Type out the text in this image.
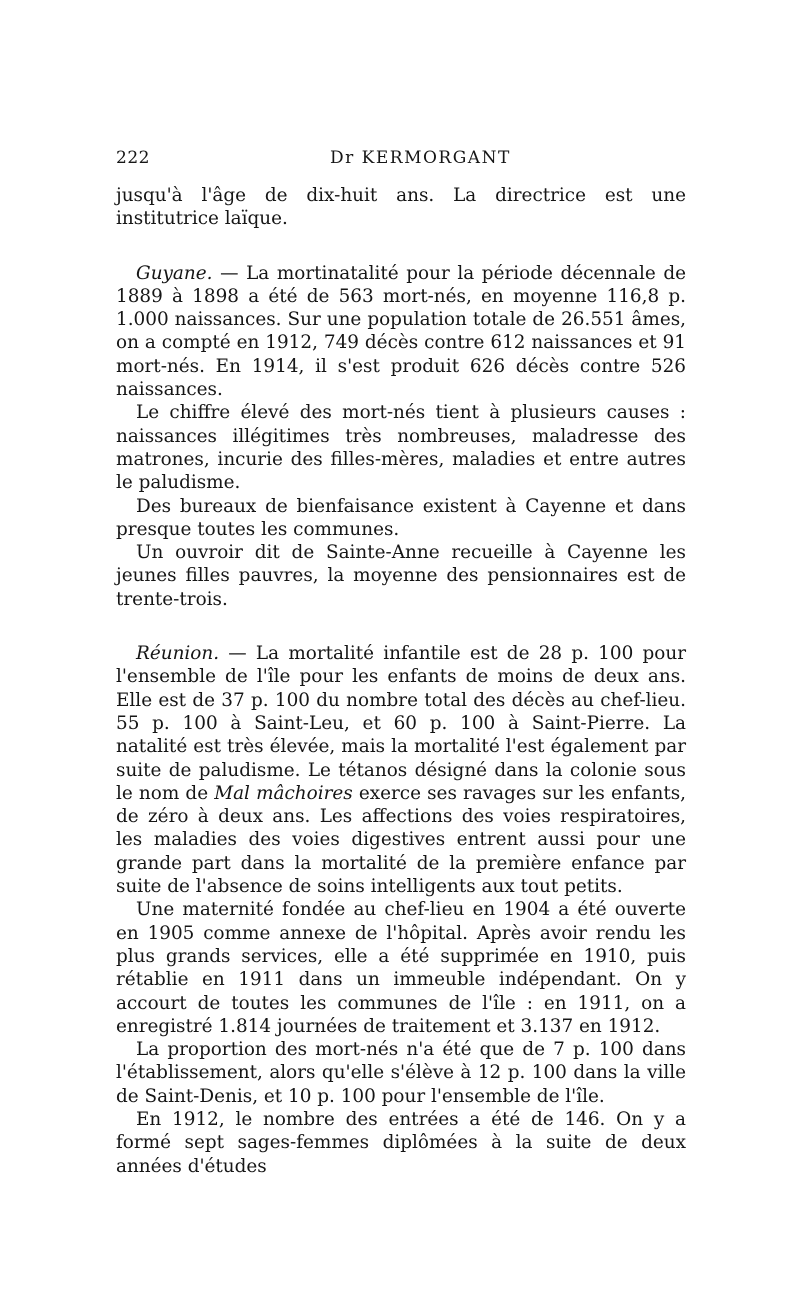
222	Dr KERMORGANT

jusqu'à l'âge de dix-huit ans. La directrice est une institutrice laïque.

Guyane. — La mortinatalité pour la période décennale de 1889 à 1898 a été de 563 mort-nés, en moyenne 116,8 p. 1.000 naissances. Sur une population totale de 26.551 âmes, on a compté en 1912, 749 décès contre 612 naissances et 91 mort-nés. En 1914, il s'est produit 626 décès contre 526 naissances.

Le chiffre élevé des mort-nés tient à plusieurs causes : naissances illégitimes très nombreuses, maladresse des matrones, incurie des filles-mères, maladies et entre autres le paludisme.

Des bureaux de bienfaisance existent à Cayenne et dans presque toutes les communes.

Un ouvroir dit de Sainte-Anne recueille à Cayenne les jeunes filles pauvres, la moyenne des pensionnaires est de trente-trois.

Réunion. — La mortalité infantile est de 28 p. 100 pour l'ensemble de l'île pour les enfants de moins de deux ans. Elle est de 37 p. 100 du nombre total des décès au chef-lieu. 55 p. 100 à Saint-Leu, et 60 p. 100 à Saint-Pierre. La natalité est très élevée, mais la mortalité l'est également par suite de paludisme. Le tétanos désigné dans la colonie sous le nom de Mal mâchoires exerce ses ravages sur les enfants, de zéro à deux ans. Les affections des voies respiratoires, les maladies des voies digestives entrent aussi pour une grande part dans la mortalité de la première enfance par suite de l'absence de soins intelligents aux tout petits.

Une maternité fondée au chef-lieu en 1904 a été ouverte en 1905 comme annexe de l'hôpital. Après avoir rendu les plus grands services, elle a été supprimée en 1910, puis rétablie en 1911 dans un immeuble indépendant. On y accourt de toutes les communes de l'île : en 1911, on a enregistré 1.814 journées de traitement et 3.137 en 1912.

La proportion des mort-nés n'a été que de 7 p. 100 dans l'établissement, alors qu'elle s'élève à 12 p. 100 dans la ville de Saint-Denis, et 10 p. 100 pour l'ensemble de l'île.

En 1912, le nombre des entrées a été de 146. On y a formé sept sages-femmes diplômées à la suite de deux années d'études
